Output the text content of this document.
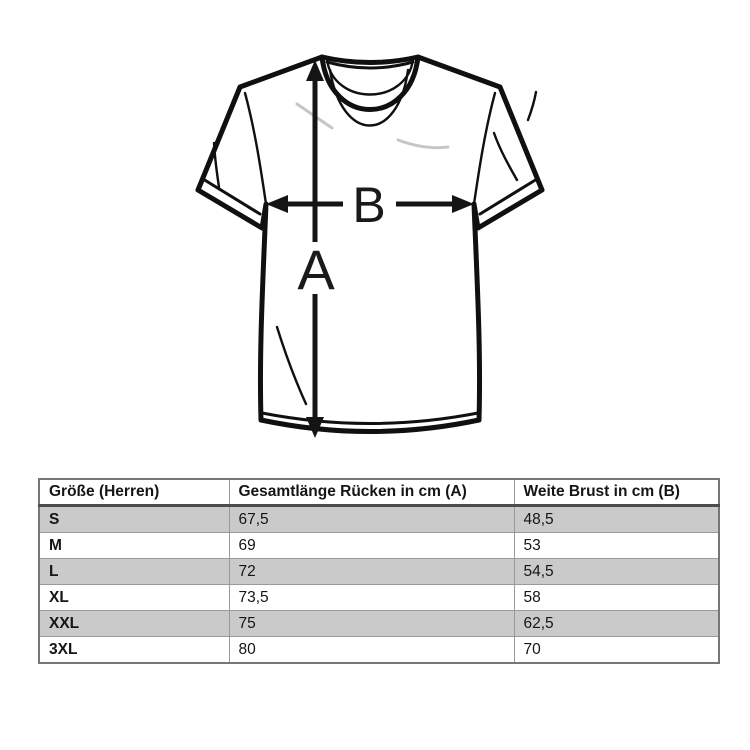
A
B
Größe (Herren)	Gesamtlänge Rücken in cm (A)	Weite Brust in cm (B)
S	67,5	48,5
M	69	53
L	72	54,5
XL	73,5	58
XXL	75	62,5
3XL	80	70
